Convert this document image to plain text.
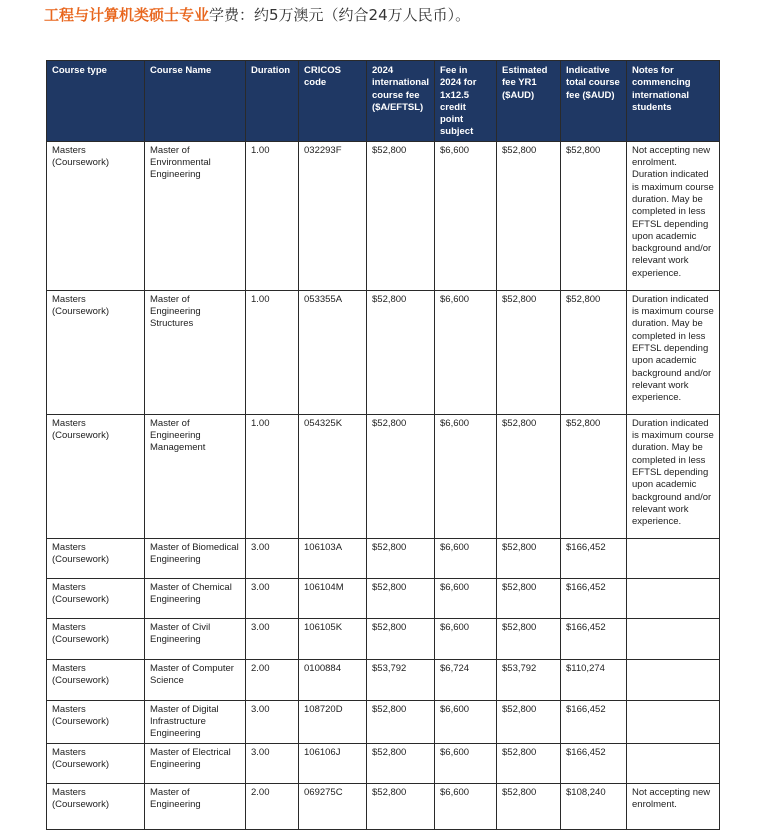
工程与计算机类硕士专业学费：约5万澳元（约合24万人民币）。
Course type	Course Name	Duration	CRICOS code	2024 international course fee ($A/EFTSL)	Fee in 2024 for 1x12.5 credit point subject	Estimated fee YR1 ($AUD)	Indicative total course fee ($AUD)	Notes for commencing international students
Masters (Coursework)	Master of Environmental Engineering	1.00	032293F	$52,800	$6,600	$52,800	$52,800	Not accepting new enrolment. Duration indicated is maximum course duration. May be completed in less EFTSL depending upon academic background and/or relevant work experience.
Masters (Coursework)	Master of Engineering Structures	1.00	053355A	$52,800	$6,600	$52,800	$52,800	Duration indicated is maximum course duration. May be completed in less EFTSL depending upon academic background and/or relevant work experience.
Masters (Coursework)	Master of Engineering Management	1.00	054325K	$52,800	$6,600	$52,800	$52,800	Duration indicated is maximum course duration. May be completed in less EFTSL depending upon academic background and/or relevant work experience.
Masters (Coursework)	Master of Biomedical Engineering	3.00	106103A	$52,800	$6,600	$52,800	$166,452	
Masters (Coursework)	Master of Chemical Engineering	3.00	106104M	$52,800	$6,600	$52,800	$166,452	
Masters (Coursework)	Master of Civil Engineering	3.00	106105K	$52,800	$6,600	$52,800	$166,452	
Masters (Coursework)	Master of Computer Science	2.00	0100884	$53,792	$6,724	$53,792	$110,274	
Masters (Coursework)	Master of Digital Infrastructure Engineering	3.00	108720D	$52,800	$6,600	$52,800	$166,452	
Masters (Coursework)	Master of Electrical Engineering	3.00	106106J	$52,800	$6,600	$52,800	$166,452	
Masters (Coursework)	Master of Engineering	2.00	069275C	$52,800	$6,600	$52,800	$108,240	Not accepting new enrolment.
